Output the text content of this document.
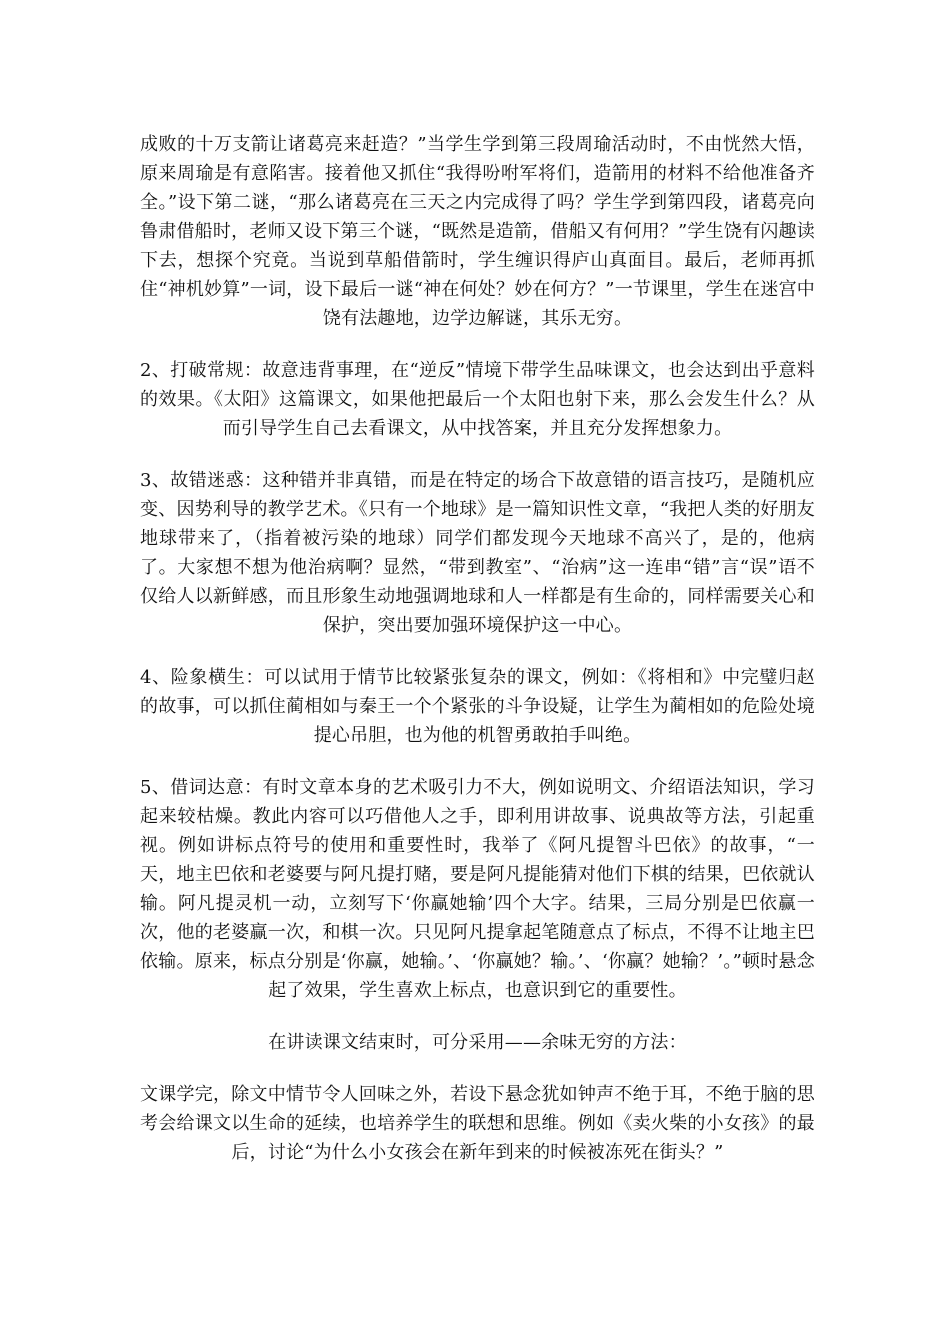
成败的十万支箭让诸葛亮来赶造？”当学生学到第三段周瑜活动时，不由恍然大悟，原来周瑜是有意陷害。接着他又抓住“我得吩咐军将们，造箭用的材料不给他准备齐全。”设下第二谜，“那么诸葛亮在三天之内完成得了吗？学生学到第四段，诸葛亮向鲁肃借船时，老师又设下第三个谜，“既然是造箭，借船又有何用？”学生饶有闪趣读下去，想探个究竟。当说到草船借箭时，学生缠识得庐山真面目。最后，老师再抓住“神机妙算”一词，设下最后一谜“神在何处？妙在何方？”一节课里，学生在迷宫中饶有法趣地，边学边解谜，其乐无穷。

2、打破常规：故意违背事理，在“逆反”情境下带学生品味课文，也会达到出乎意料的效果。《太阳》这篇课文，如果他把最后一个太阳也射下来，那么会发生什么？从而引导学生自己去看课文，从中找答案，并且充分发挥想象力。

3、故错迷惑：这种错并非真错，而是在特定的场合下故意错的语言技巧，是随机应变、因势利导的教学艺术。《只有一个地球》是一篇知识性文章，“我把人类的好朋友地球带来了，（指着被污染的地球）同学们都发现今天地球不高兴了，是的，他病了。大家想不想为他治病啊？显然，“带到教室”、“治病”这一连串“错”言“误”语不仅给人以新鲜感，而且形象生动地强调地球和人一样都是有生命的，同样需要关心和保护，突出要加强环境保护这一中心。

4、险象横生：可以试用于情节比较紧张复杂的课文，例如：《将相和》中完璧归赵的故事，可以抓住蔺相如与秦王一个个紧张的斗争设疑，让学生为蔺相如的危险处境提心吊胆，也为他的机智勇敢拍手叫绝。

5、借词达意：有时文章本身的艺术吸引力不大，例如说明文、介绍语法知识，学习起来较枯燥。教此内容可以巧借他人之手，即利用讲故事、说典故等方法，引起重视。例如讲标点符号的使用和重要性时，我举了《阿凡提智斗巴依》的故事，“一天，地主巴依和老婆要与阿凡提打赌，要是阿凡提能猜对他们下棋的结果，巴依就认输。阿凡提灵机一动，立刻写下‘你赢她输’四个大字。结果，三局分别是巴依赢一次，他的老婆赢一次，和棋一次。只见阿凡提拿起笔随意点了标点，不得不让地主巴依输。原来，标点分别是‘你赢，她输。’、‘你赢她？输。’、‘你赢？她输？’。”顿时悬念起了效果，学生喜欢上标点，也意识到它的重要性。

在讲读课文结束时，可分采用——余味无穷的方法：

文课学完，除文中情节令人回味之外，若设下悬念犹如钟声不绝于耳，不绝于脑的思考会给课文以生命的延续，也培养学生的联想和思维。例如《卖火柴的小女孩》的最后，讨论“为什么小女孩会在新年到来的时候被冻死在街头？”
